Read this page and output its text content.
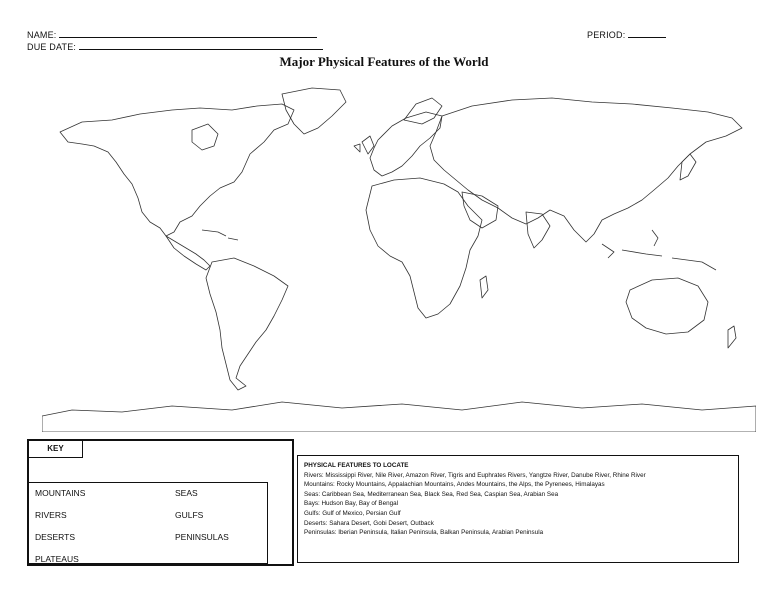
NAME:
DUE DATE:
PERIOD:
Major Physical Features of the World
KEY
MOUNTAINS	SEAS
RIVERS	GULFS
DESERTS	PENINSULAS
PLATEAUS
PHYSICAL FEATURES TO LOCATE
Rivers: Mississippi River, Nile River, Amazon River, Tigris and Euphrates Rivers, Yangtze River, Danube River, Rhine River
Mountains: Rocky Mountains, Appalachian Mountains, Andes Mountains, the Alps, the Pyrenees, Himalayas
Seas: Caribbean Sea, Mediterranean Sea, Black Sea, Red Sea, Caspian Sea, Arabian Sea
Bays: Hudson Bay, Bay of Bengal
Gulfs: Gulf of Mexico, Persian Gulf
Deserts: Sahara Desert, Gobi Desert, Outback
Peninsulas: Iberian Peninsula, Italian Peninsula, Balkan Peninsula, Arabian Peninsula
